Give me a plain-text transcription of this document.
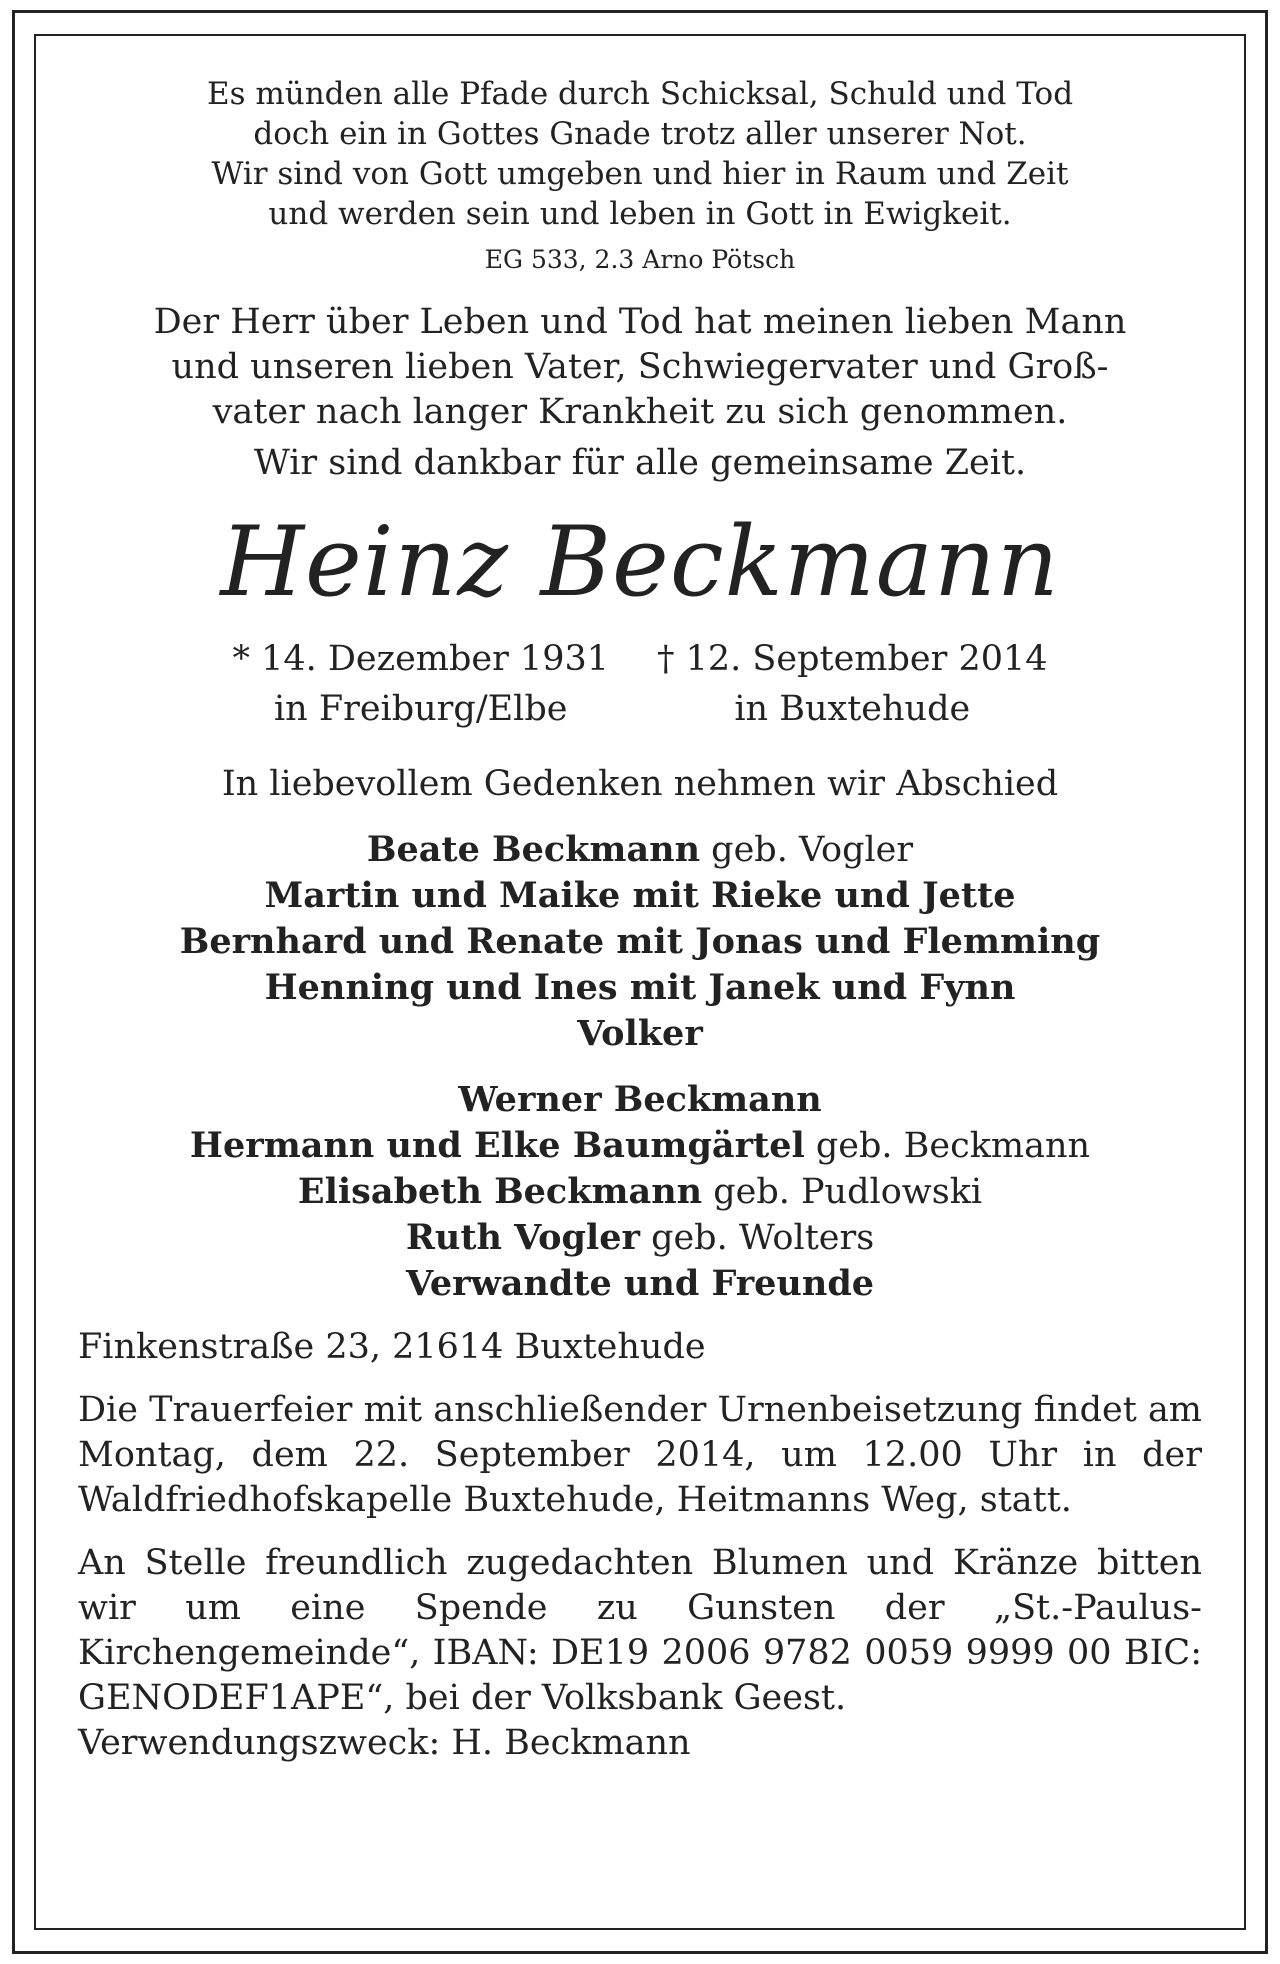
Es münden alle Pfade durch Schicksal, Schuld und Tod
doch ein in Gottes Gnade trotz aller unserer Not.
Wir sind von Gott umgeben und hier in Raum und Zeit
und werden sein und leben in Gott in Ewigkeit.
EG 533, 2.3 Arno Pötsch
Der Herr über Leben und Tod hat meinen lieben Mann
und unseren lieben Vater, Schwiegervater und Groß-
vater nach langer Krankheit zu sich genommen.
Wir sind dankbar für alle gemeinsame Zeit.
Heinz Beckmann
* 14. Dezember 1931
in Freiburg/Elbe
† 12. September 2014
in Buxtehude
In liebevollem Gedenken nehmen wir Abschied
Beate Beckmann geb. Vogler
Martin und Maike mit Rieke und Jette
Bernhard und Renate mit Jonas und Flemming
Henning und Ines mit Janek und Fynn
Volker
Werner Beckmann
Hermann und Elke Baumgärtel geb. Beckmann
Elisabeth Beckmann geb. Pudlowski
Ruth Vogler geb. Wolters
Verwandte und Freunde
Finkenstraße 23, 21614 Buxtehude
Die Trauerfeier mit anschließender Urnenbeisetzung findet am Montag, dem 22. September 2014, um 12.00 Uhr in der Waldfriedhofskapelle Buxtehude, Heitmanns Weg, statt.
An Stelle freundlich zugedachten Blumen und Kränze bitten wir um eine Spende zu Gunsten der „St.-Paulus-Kirchengemeinde“, IBAN: DE19 2006 9782 0059 9999 00 BIC: GENODEF1APE“, bei der Volksbank Geest.
Verwendungszweck: H. Beckmann
